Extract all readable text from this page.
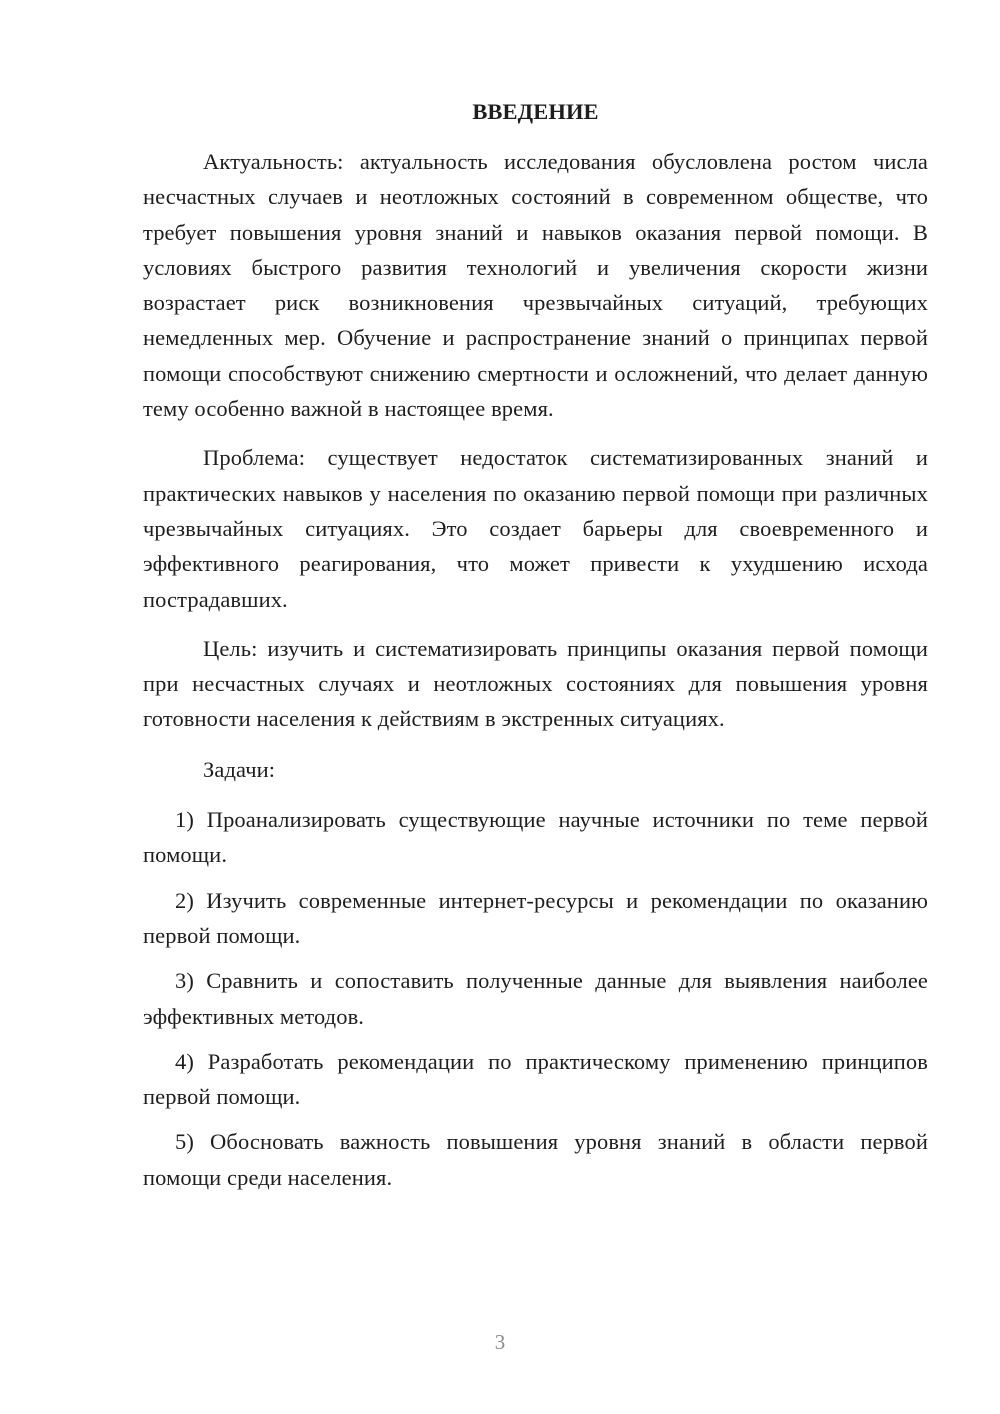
ВВЕДЕНИЕ

Актуальность: актуальность исследования обусловлена ростом числа несчастных случаев и неотложных состояний в современном обществе, что требует повышения уровня знаний и навыков оказания первой помощи. В условиях быстрого развития технологий и увеличения скорости жизни возрастает риск возникновения чрезвычайных ситуаций, требующих немедленных мер. Обучение и распространение знаний о принципах первой помощи способствуют снижению смертности и осложнений, что делает данную тему особенно важной в настоящее время.

Проблема: существует недостаток систематизированных знаний и практических навыков у населения по оказанию первой помощи при различных чрезвычайных ситуациях. Это создает барьеры для своевременного и эффективного реагирования, что может привести к ухудшению исхода пострадавших.

Цель: изучить и систематизировать принципы оказания первой помощи при несчастных случаях и неотложных состояниях для повышения уровня готовности населения к действиям в экстренных ситуациях.

Задачи:

1) Проанализировать существующие научные источники по теме первой помощи.

2) Изучить современные интернет-ресурсы и рекомендации по оказанию первой помощи.

3) Сравнить и сопоставить полученные данные для выявления наиболее эффективных методов.

4) Разработать рекомендации по практическому применению принципов первой помощи.

5) Обосновать важность повышения уровня знаний в области первой помощи среди населения.

3
